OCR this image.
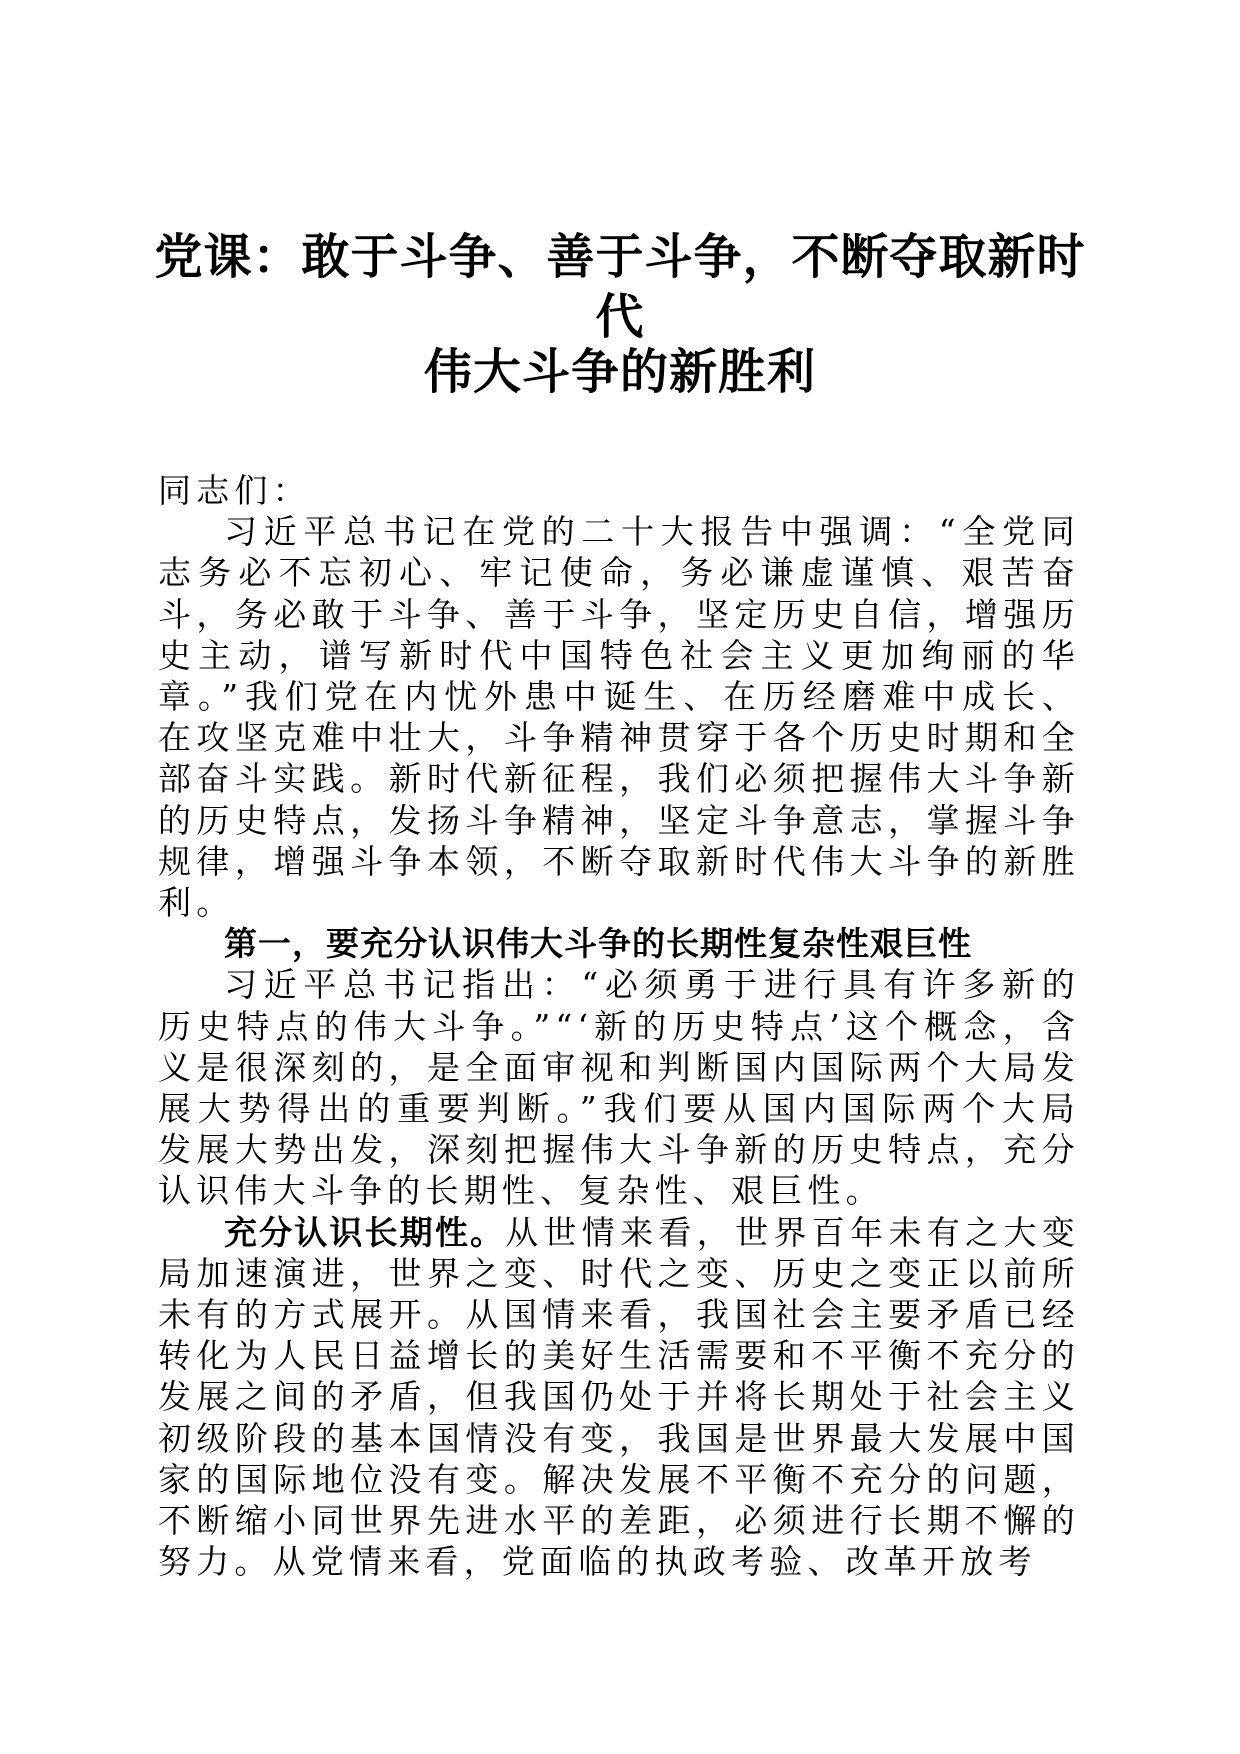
党课：敢于斗争、善于斗争，不断夺取新时代
伟大斗争的新胜利

同志们：

习近平总书记在党的二十大报告中强调：“全党同志务必不忘初心、牢记使命，务必谦虚谨慎、艰苦奋斗，务必敢于斗争、善于斗争，坚定历史自信，增强历史主动，谱写新时代中国特色社会主义更加绚丽的华章。”我们党在内忧外患中诞生、在历经磨难中成长、在攻坚克难中壮大，斗争精神贯穿于各个历史时期和全部奋斗实践。新时代新征程，我们必须把握伟大斗争新的历史特点，发扬斗争精神，坚定斗争意志，掌握斗争规律，增强斗争本领，不断夺取新时代伟大斗争的新胜利。

第一，要充分认识伟大斗争的长期性复杂性艰巨性

习近平总书记指出：“必须勇于进行具有许多新的历史特点的伟大斗争。”“‘新的历史特点’这个概念，含义是很深刻的，是全面审视和判断国内国际两个大局发展大势得出的重要判断。”我们要从国内国际两个大局发展大势出发，深刻把握伟大斗争新的历史特点，充分认识伟大斗争的长期性、复杂性、艰巨性。

充分认识长期性。从世情来看，世界百年未有之大变局加速演进，世界之变、时代之变、历史之变正以前所未有的方式展开。从国情来看，我国社会主要矛盾已经转化为人民日益增长的美好生活需要和不平衡不充分的发展之间的矛盾，但我国仍处于并将长期处于社会主义初级阶段的基本国情没有变，我国是世界最大发展中国家的国际地位没有变。解决发展不平衡不充分的问题，不断缩小同世界先进水平的差距，必须进行长期不懈的努力。从党情来看，党面临的执政考验、改革开放考
